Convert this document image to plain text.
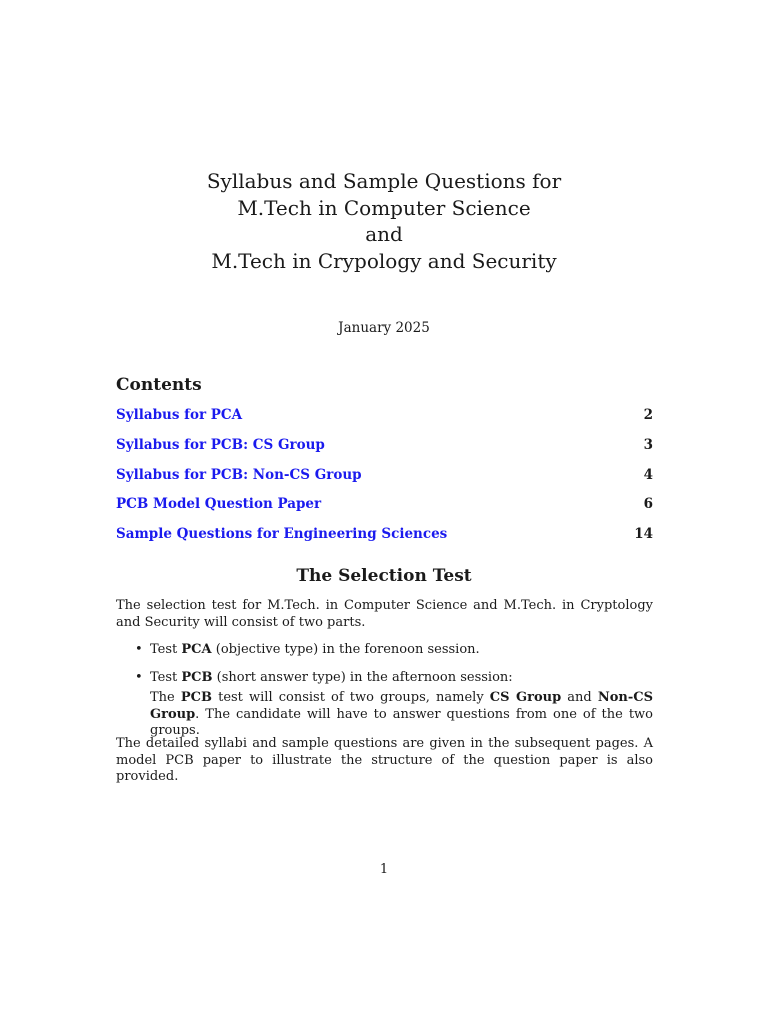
Syllabus and Sample Questions for
M.Tech in Computer Science
and
M.Tech in Crypology and Security
January 2025
Contents
Syllabus for PCA	2
Syllabus for PCB: CS Group	3
Syllabus for PCB: Non-CS Group	4
PCB Model Question Paper	6
Sample Questions for Engineering Sciences	14
The Selection Test
The selection test for M.Tech. in Computer Science and M.Tech. in Cryptology and Security will consist of two parts.
• Test PCA (objective type) in the forenoon session.
• Test PCB (short answer type) in the afternoon session:
The PCB test will consist of two groups, namely CS Group and Non-CS Group. The candidate will have to answer questions from one of the two groups.
The detailed syllabi and sample questions are given in the subsequent pages. A model PCB paper to illustrate the structure of the question paper is also provided.
1
